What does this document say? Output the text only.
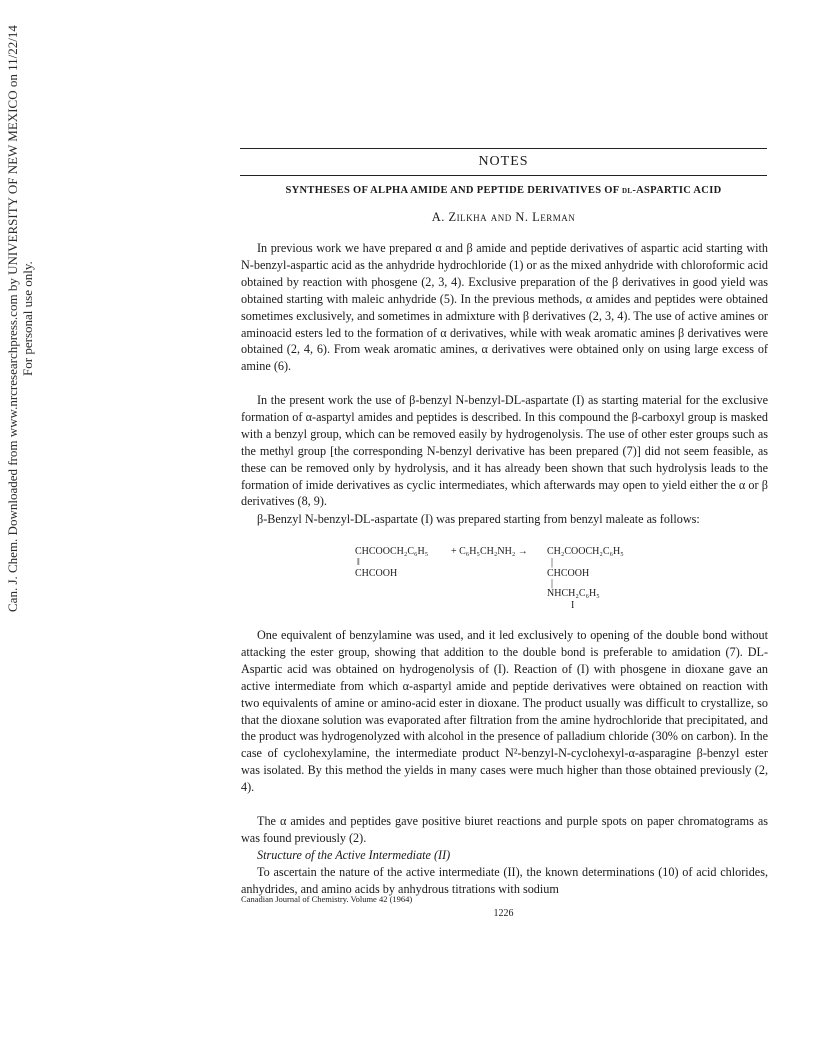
Can. J. Chem. Downloaded from www.nrcresearchpress.com by UNIVERSITY OF NEW MEXICO on 11/22/14 For personal use only.
NOTES
SYNTHESES OF ALPHA AMIDE AND PEPTIDE DERIVATIVES OF dl-ASPARTIC ACID
A. Zilkha and N. Lerman

In previous work we have prepared α and β amide and peptide derivatives of aspartic acid starting with N-benzyl-aspartic acid as the anhydride hydrochloride (1) or as the mixed anhydride with chloroformic acid obtained by reaction with phosgene (2, 3, 4). Exclusive preparation of the β derivatives in good yield was obtained starting with maleic anhydride (5). In the previous methods, α amides and peptides were obtained sometimes exclusively, and sometimes in admixture with β derivatives (2, 3, 4). The use of active amines or aminoacid esters led to the formation of α derivatives, while with weak aromatic amines β derivatives were obtained (2, 4, 6). From weak aromatic amines, α derivatives were obtained only on using large excess of amine (6).

In the present work the use of β-benzyl N-benzyl-DL-aspartate (I) as starting material for the exclusive formation of α-aspartyl amides and peptides is described. In this compound the β-carboxyl group is masked with a benzyl group, which can be removed easily by hydrogenolysis. The use of other ester groups such as the methyl group [the corresponding N-benzyl derivative has been prepared (7)] did not seem feasible, as these can be removed only by hydrolysis, and it has already been shown that such hydrolysis leads to the formation of imide derivatives as cyclic intermediates, which afterwards may open to yield either the α or β derivatives (8, 9).

β-Benzyl N-benzyl-DL-aspartate (I) was prepared starting from benzyl maleate as follows:

CHCOOCH₂C₆H₅
‖
CHCOOH
+ C₆H₅CH₂NH₂ → CH₂COOCH₂C₆H₅
|
CHCOOH
|
NHCH₂C₆H₅
I

One equivalent of benzylamine was used, and it led exclusively to opening of the double bond without attacking the ester group, showing that addition to the double bond is preferable to amidation (7). DL-Aspartic acid was obtained on hydrogenolysis of (I). Reaction of (I) with phosgene in dioxane gave an active intermediate from which α-aspartyl amide and peptide derivatives were obtained on reaction with two equivalents of amine or amino-acid ester in dioxane. The product usually was difficult to crystallize, so that the dioxane solution was evaporated after filtration from the amine hydrochloride that precipitated, and the product was hydrogenolyzed with alcohol in the presence of palladium chloride (30% on carbon). In the case of cyclohexylamine, the intermediate product N²-benzyl-N-cyclohexyl-α-asparagine β-benzyl ester was isolated. By this method the yields in many cases were much higher than those obtained previously (2, 4).

The α amides and peptides gave positive biuret reactions and purple spots on paper chromatograms as was found previously (2).

Structure of the Active Intermediate (II)

To ascertain the nature of the active intermediate (II), the known determinations (10) of acid chlorides, anhydrides, and amino acids by anhydrous titrations with sodium

Canadian Journal of Chemistry. Volume 42 (1964)
1226
